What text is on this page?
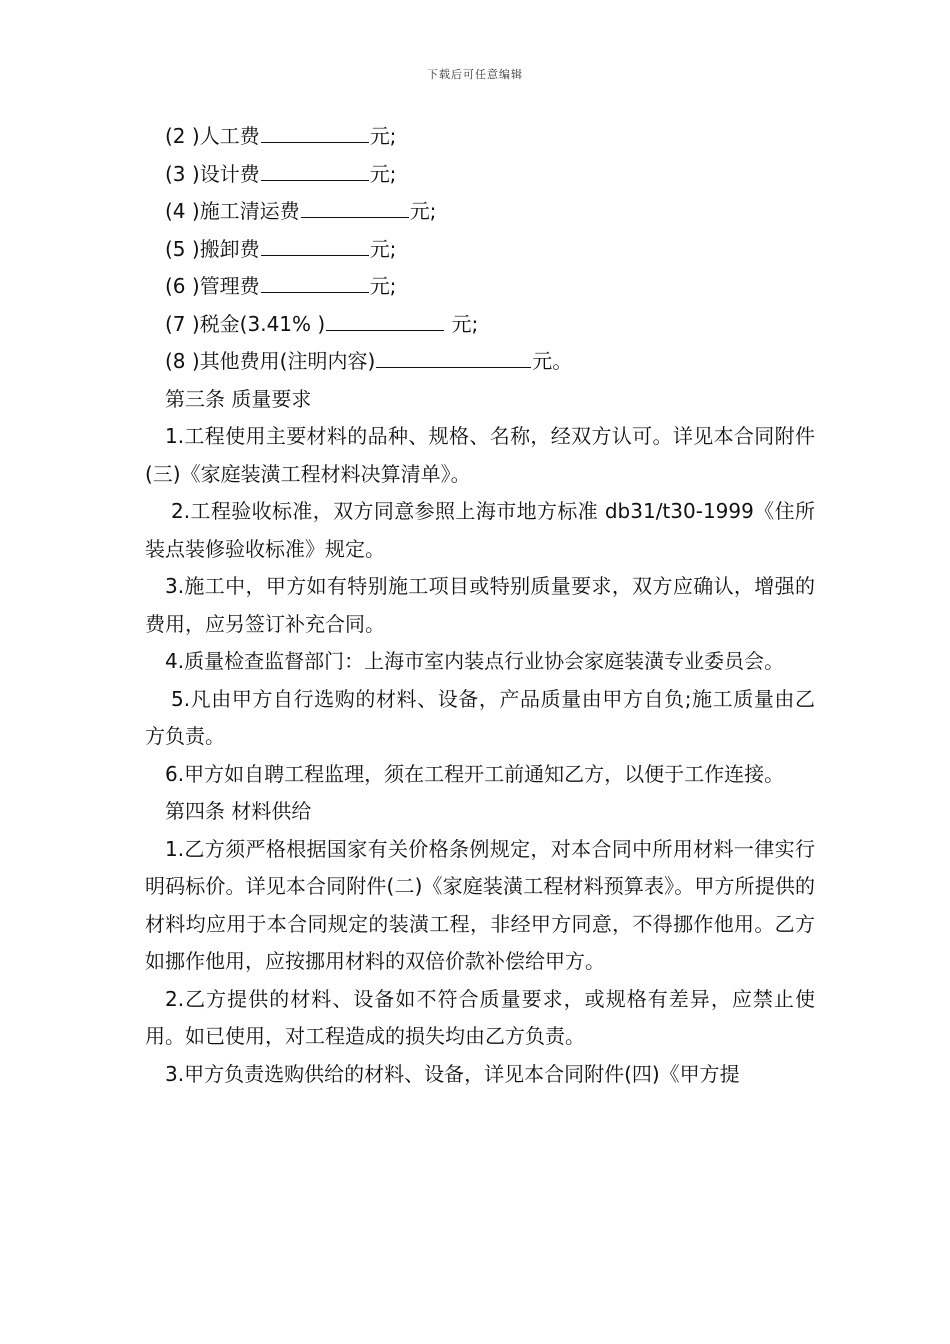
下载后可任意编辑
(2 )人工费	元;
(3 )设计费	元;
(4 )施工清运费	元;
(5 )搬卸费	元;
(6 )管理费	元;
(7 )税金(3.41% )	元;
(8 )其他费用(注明内容)	元。
第三条 质量要求
1.工程使用主要材料的品种、规格、名称，经双方认可。详见本合同附件(三)《家庭装潢工程材料决算清单》。
2.工程验收标准，双方同意参照上海市地方标准 db31/t30-1999《住所装点装修验收标准》规定。
3.施工中，甲方如有特别施工项目或特别质量要求，双方应确认，增强的费用，应另签订补充合同。
4.质量检查监督部门：上海市室内装点行业协会家庭装潢专业委员会。
5.凡由甲方自行选购的材料、设备，产品质量由甲方自负;施工质量由乙方负责。
6.甲方如自聘工程监理，须在工程开工前通知乙方，以便于工作连接。
第四条 材料供给
1.乙方须严格根据国家有关价格条例规定，对本合同中所用材料一律实行明码标价。详见本合同附件(二)《家庭装潢工程材料预算表》。甲方所提供的材料均应用于本合同规定的装潢工程，非经甲方同意，不得挪作他用。乙方如挪作他用，应按挪用材料的双倍价款补偿给甲方。
2.乙方提供的材料、设备如不符合质量要求，或规格有差异，应禁止使用。如已使用，对工程造成的损失均由乙方负责。
3.甲方负责选购供给的材料、设备，详见本合同附件(四)《甲方提
